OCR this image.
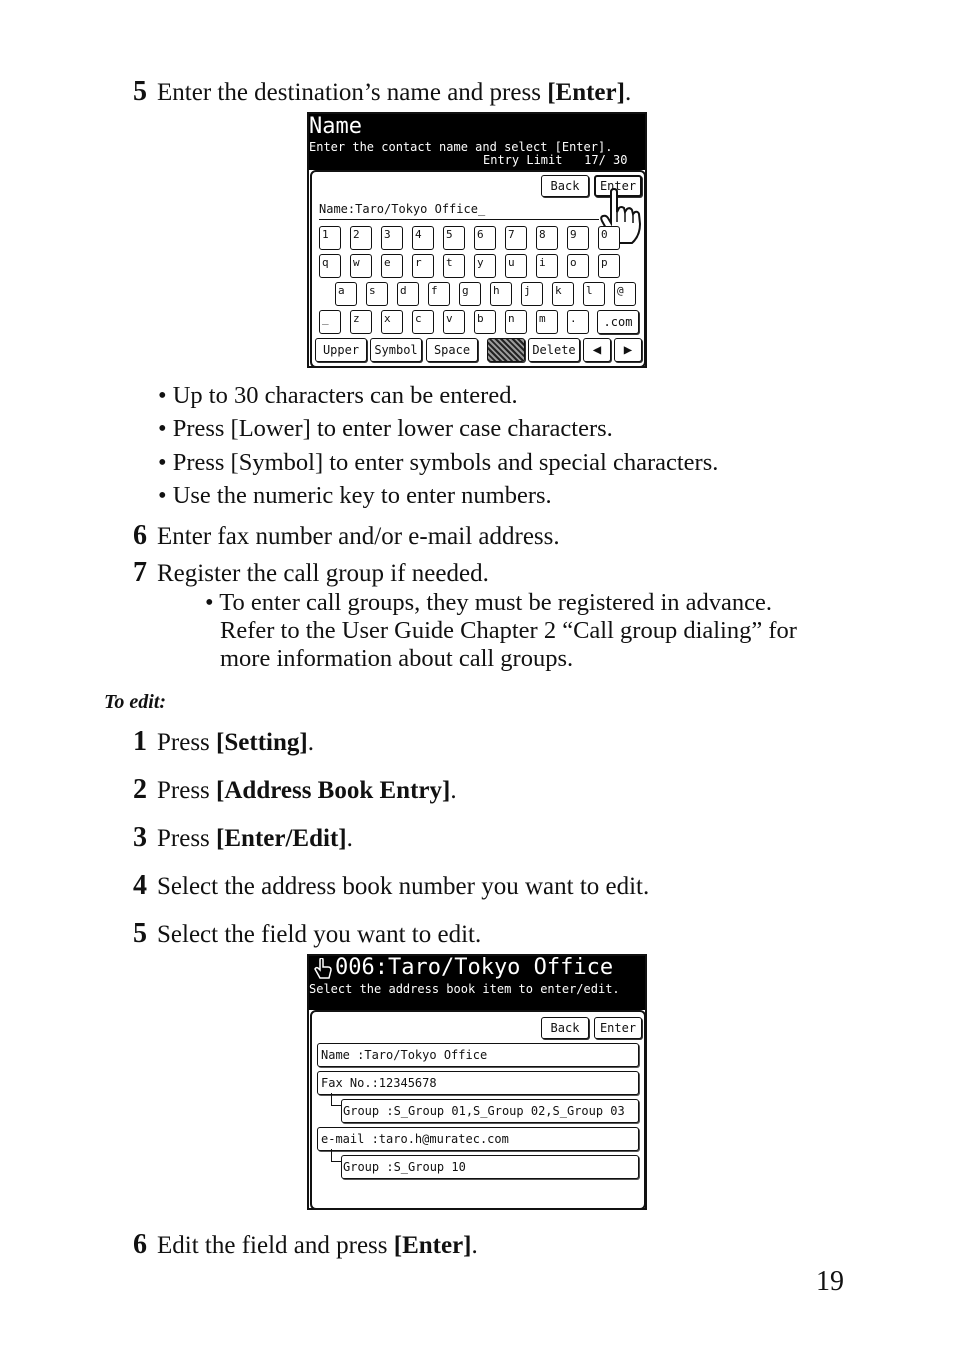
5 Enter the destination’s name and press [Enter].
Name
Enter the contact name and select [Enter].
Entry Limit   17/ 30
Back	Enter
Name:Taro/Tokyo Office_
1	2	3	4	5	6	7	8	9	0
q	w	e	r	t	y	u	i	o	p
a	s	d	f	g	h	j	k	l	@
_	z	x	c	v	b	n	m	.	.com
Upper	Symbol	Space	Delete	◀	▶
• Up to 30 characters can be entered.
• Press [Lower] to enter lower case characters.
• Press [Symbol] to enter symbols and special characters.
• Use the numeric key to enter numbers.
6 Enter fax number and/or e-mail address.
7 Register the call group if needed.
• To enter call groups, they must be registered in advance.
Refer to the User Guide Chapter 2 “Call group dialing” for
more information about call groups.
To edit:
1 Press [Setting].
2 Press [Address Book Entry].
3 Press [Enter/Edit].
4 Select the address book number you want to edit.
5 Select the field you want to edit.
006:Taro/Tokyo Office
Select the address book item to enter/edit.
Back	Enter
Name :Taro/Tokyo Office
Fax No.:12345678
Group :S_Group 01,S_Group 02,S_Group 03
e-mail :taro.h@muratec.com
Group :S_Group 10
6 Edit the field and press [Enter].
19
